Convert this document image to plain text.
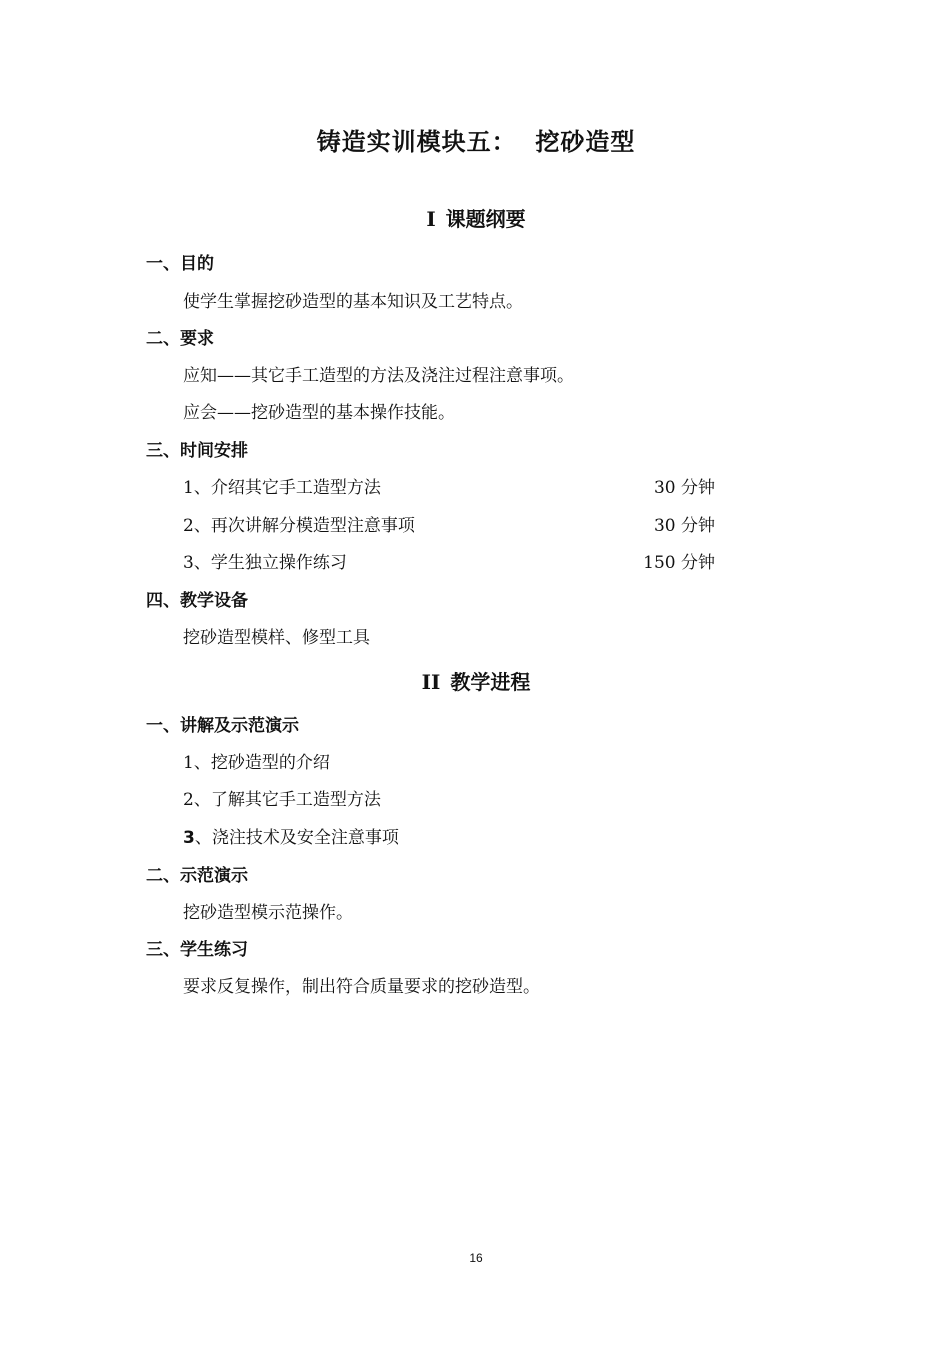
铸造实训模块五：  挖砂造型
I 课题纲要
一、目的
使学生掌握挖砂造型的基本知识及工艺特点。
二、要求
应知——其它手工造型的方法及浇注过程注意事项。
应会——挖砂造型的基本操作技能。
三、时间安排
1、介绍其它手工造型方法	30 分钟
2、再次讲解分模造型注意事项	30 分钟
3、学生独立操作练习	150 分钟
四、教学设备
挖砂造型模样、修型工具
II 教学进程
一、讲解及示范演示
1、挖砂造型的介绍
2、了解其它手工造型方法
3、浇注技术及安全注意事项
二、示范演示
挖砂造型模示范操作。
三、学生练习
要求反复操作，制出符合质量要求的挖砂造型。
16
